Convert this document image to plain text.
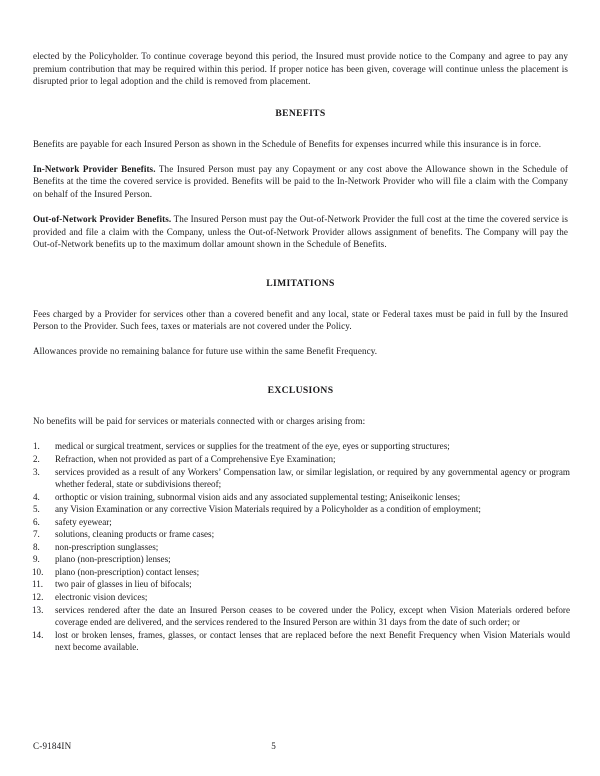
elected by the Policyholder. To continue coverage beyond this period, the Insured must provide notice to the Company and agree to pay any premium contribution that may be required within this period. If proper notice has been given, coverage will continue unless the placement is disrupted prior to legal adoption and the child is removed from placement.

BENEFITS

Benefits are payable for each Insured Person as shown in the Schedule of Benefits for expenses incurred while this insurance is in force.

In-Network Provider Benefits. The Insured Person must pay any Copayment or any cost above the Allowance shown in the Schedule of Benefits at the time the covered service is provided. Benefits will be paid to the In-Network Provider who will file a claim with the Company on behalf of the Insured Person.

Out-of-Network Provider Benefits. The Insured Person must pay the Out-of-Network Provider the full cost at the time the covered service is provided and file a claim with the Company, unless the Out-of-Network Provider allows assignment of benefits. The Company will pay the Out-of-Network benefits up to the maximum dollar amount shown in the Schedule of Benefits.

LIMITATIONS

Fees charged by a Provider for services other than a covered benefit and any local, state or Federal taxes must be paid in full by the Insured Person to the Provider. Such fees, taxes or materials are not covered under the Policy.

Allowances provide no remaining balance for future use within the same Benefit Frequency.

EXCLUSIONS

No benefits will be paid for services or materials connected with or charges arising from:

1.	medical or surgical treatment, services or supplies for the treatment of the eye, eyes or supporting structures;
2.	Refraction, when not provided as part of a Comprehensive Eye Examination;
3.	services provided as a result of any Workers’ Compensation law, or similar legislation, or required by any governmental agency or program whether federal, state or subdivisions thereof;
4.	orthoptic or vision training, subnormal vision aids and any associated supplemental testing; Aniseikonic lenses;
5.	any Vision Examination or any corrective Vision Materials required by a Policyholder as a condition of employment;
6.	safety eyewear;
7.	solutions, cleaning products or frame cases;
8.	non-prescription sunglasses;
9.	plano (non-prescription) lenses;
10.	plano (non-prescription) contact lenses;
11.	two pair of glasses in lieu of bifocals;
12.	electronic vision devices;
13.	services rendered after the date an Insured Person ceases to be covered under the Policy, except when Vision Materials ordered before coverage ended are delivered, and the services rendered to the Insured Person are within 31 days from the date of such order; or
14.	lost or broken lenses, frames, glasses, or contact lenses that are replaced before the next Benefit Frequency when Vision Materials would next become available.
C-9184IN	5
